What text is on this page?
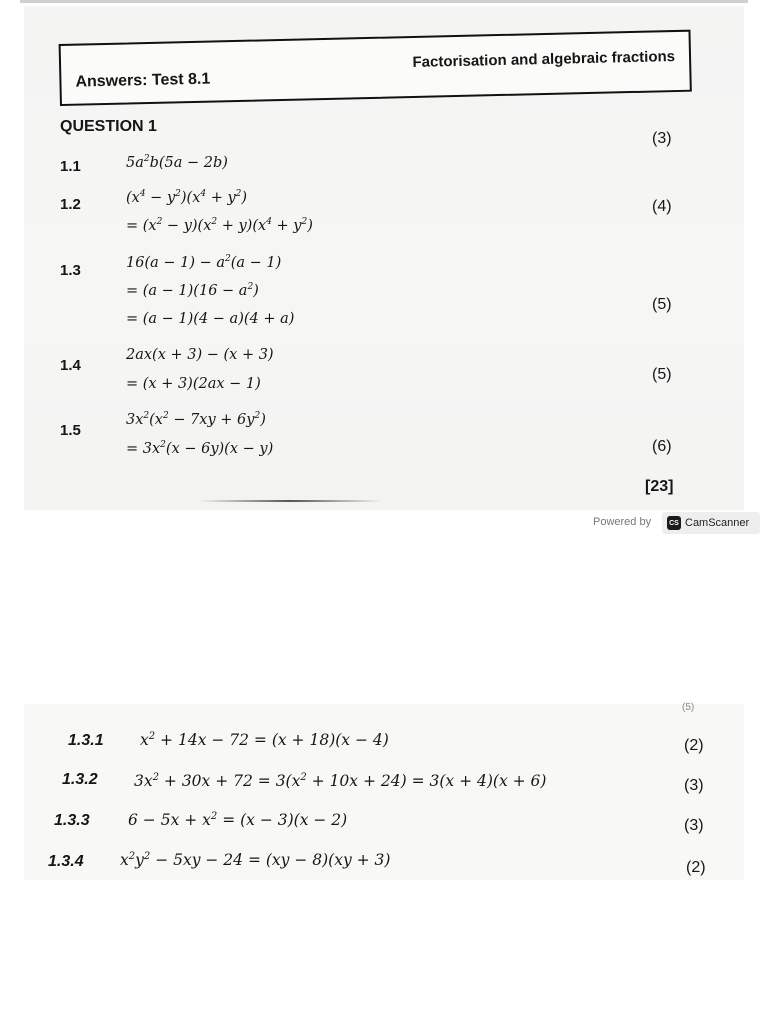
Answers: Test 8.1
Factorisation and algebraic fractions
QUESTION 1
1.1	$5a^2b(5a - 2b)$
(3)
1.2	$(x^4 - y^2)(x^4 + y^2)$
= $(x^2 - y)(x^2 + y)(x^4 + y^2)$
(4)
1.3	$16(a - 1) - a^2(a - 1)$
= $(a - 1)(16 - a^2)$
= (a − 1)(4 − a)(4 + a)
(5)
1.4
2ax(x + 3) − (x + 3)
= (x + 3)(2ax − 1)
(5)
1.5
$3x^2(x^2 - 7xy + 6y^2)$
= $3x^2(x - 6y)(x - y)$	(6)
[23]
Powered by	CS CamScanner
(5)
1.3.1 $x^2 + 14x - 72 = (x + 18)(x - 4)$	(2)
1.3.2 $3x^2 + 30x + 72 = 3(x^2 + 10x + 24) = 3(x + 4)(x + 6)$	(3)
1.3.3 $6 - 5x + x^2 = (x - 3)(x - 2)$	(3)
1.3.4 $x^2y^2 - 5xy - 24 = (xy - 8)(xy + 3)$	(2)
